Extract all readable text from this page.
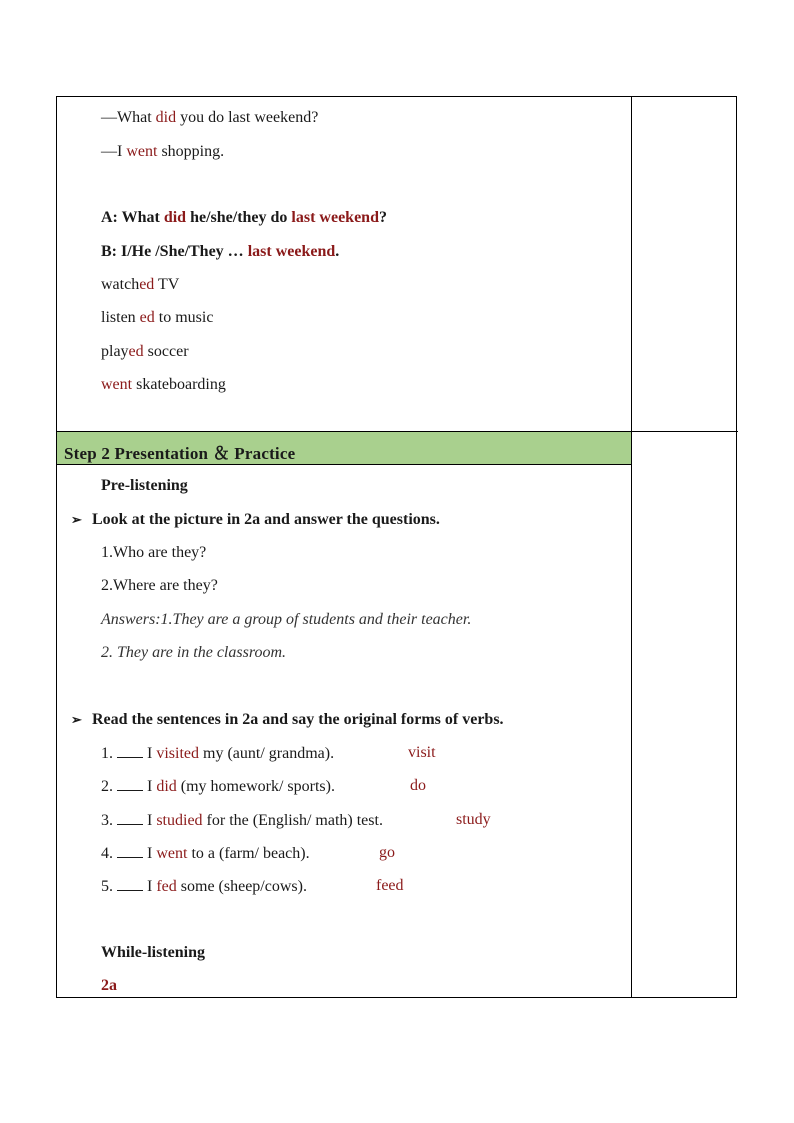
—What did you do last weekend?
—I went shopping.
A: What did he/she/they do last weekend?
B: I/He /She/They … last weekend.
watched TV
listen ed to music
played soccer
went skateboarding
Step 2 Presentation ＆ Practice
Pre-listening
➢ Look at the picture in 2a and answer the questions.
1.Who are they?
2.Where are they?
Answers:1.They are a group of students and their teacher.
2. They are in the classroom.
➢ Read the sentences in 2a and say the original forms of verbs.
1. I visited my (aunt/ grandma).	visit
2. I did (my homework/ sports).	do
3. I studied for the (English/ math) test.	study
4. I went to a (farm/ beach).	go
5. I fed some (sheep/cows).	feed
While-listening
2a
